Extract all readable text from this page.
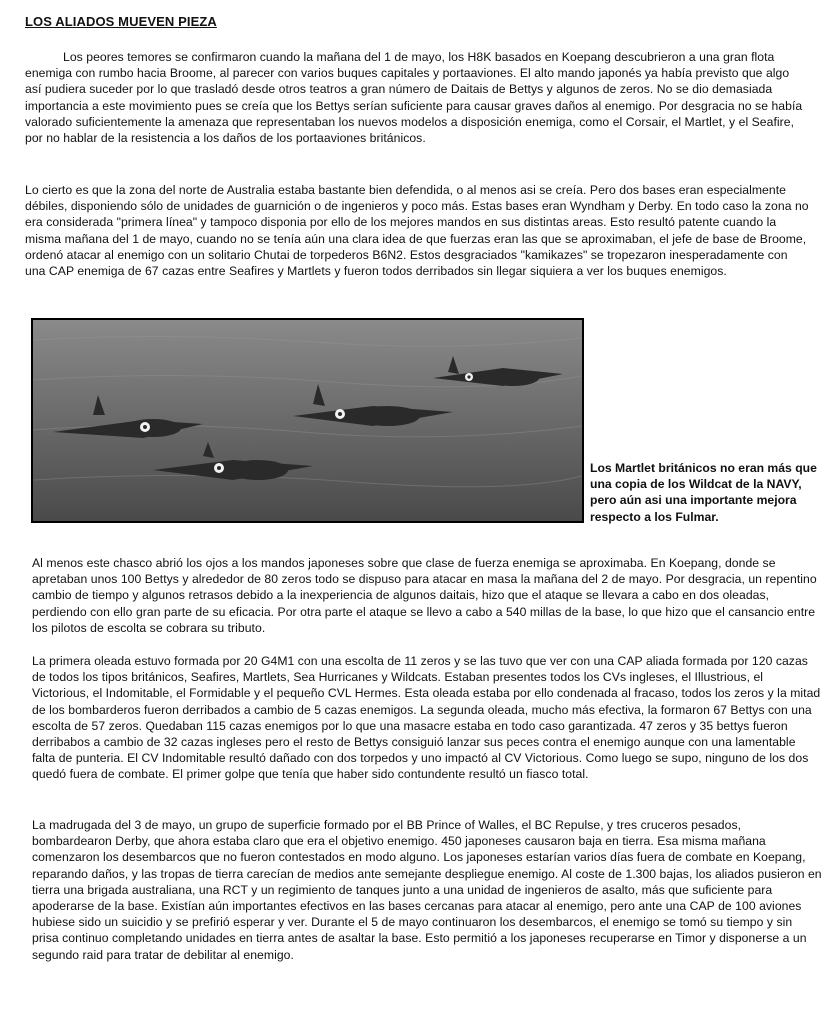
LOS ALIADOS MUEVEN PIEZA

Los peores temores se confirmaron cuando la mañana del 1 de mayo, los H8K basados en Koepang descubrieron a una gran flota enemiga con rumbo hacia Broome, al parecer con varios buques capitales y portaaviones. El alto mando japonés ya había previsto que algo así pudiera suceder por lo que trasladó desde otros teatros a gran número de Daitais de Bettys y algunos de zeros. No se dio demasiada importancia a este movimiento pues se creía que los Bettys serían suficiente para causar graves daños al enemigo. Por desgracia no se había valorado suficientemente la amenaza que representaban los nuevos modelos a disposición enemiga, como el Corsair, el Martlet, y el Seafire, por no hablar de la resistencia a los daños de los portaaviones británicos.

Lo cierto es que la zona del norte de Australia estaba bastante bien defendida, o al menos asi se creía. Pero dos bases eran especialmente débiles, disponiendo sólo de unidades de guarnición o de ingenieros y poco más. Estas bases eran Wyndham y Derby. En todo caso la zona no era considerada "primera línea" y tampoco disponia por ello de los mejores mandos en sus distintas areas. Esto resultó patente cuando la misma mañana del 1 de mayo, cuando no se tenía aún una clara idea de que fuerzas eran las que se aproximaban, el jefe de base de Broome, ordenó atacar al enemigo con un solitario Chutai de torpederos B6N2. Estos desgraciados "kamikazes" se tropezaron inesperadamente con una CAP enemiga de 67 cazas entre Seafires y Martlets y fueron todos derribados sin llegar siquiera a ver los buques enemigos.

Los Martlet británicos no eran más que una copia de los Wildcat de la NAVY, pero aún asi una importante mejora respecto a los Fulmar.

Al menos este chasco abrió los ojos a los mandos japoneses sobre que clase de fuerza enemiga se aproximaba. En Koepang, donde se apretaban unos 100 Bettys y alrededor de 80 zeros todo se dispuso para atacar en masa la mañana del 2 de mayo. Por desgracia, un repentino cambio de tiempo y algunos retrasos debido a la inexperiencia de algunos daitais, hizo que el ataque se llevara a cabo en dos oleadas, perdiendo con ello gran parte de su eficacia. Por otra parte el ataque se llevo a cabo a 540 millas de la base, lo que hizo que el cansancio entre los pilotos de escolta se cobrara su tributo.

La primera oleada estuvo formada por 20 G4M1 con una escolta de 11 zeros y se las tuvo que ver con una CAP aliada formada por 120 cazas de todos los tipos británicos, Seafires, Martlets, Sea Hurricanes y Wildcats. Estaban presentes todos los CVs ingleses, el Illustrious, el Victorious, el Indomitable, el Formidable y el pequeño CVL Hermes. Esta oleada estaba por ello condenada al fracaso, todos los zeros y la mitad de los bombarderos fueron derribados a cambio de 5 cazas enemigos. La segunda oleada, mucho más efectiva, la formaron 67 Bettys con una escolta de 57 zeros. Quedaban 115 cazas enemigos por lo que una masacre estaba en todo caso garantizada. 47 zeros y 35 bettys fueron derribabos a cambio de 32 cazas ingleses pero el resto de Bettys consiguió lanzar sus peces contra el enemigo aunque con una lamentable falta de punteria. El CV Indomitable resultó dañado con dos torpedos y uno impactó al CV Victorious. Como luego se supo, ninguno de los dos quedó fuera de combate. El primer golpe que tenía que haber sido contundente resultó un fiasco total.

La madrugada del 3 de mayo, un grupo de superficie formado por el BB Prince of Walles, el BC Repulse, y tres cruceros pesados, bombardearon Derby, que ahora estaba claro que era el objetivo enemigo. 450 japoneses causaron baja en tierra. Esa misma mañana comenzaron los desembarcos que no fueron contestados en modo alguno. Los japoneses estarían varios días fuera de combate en Koepang, reparando daños, y las tropas de tierra carecían de medios ante semejante despliegue enemigo. Al coste de 1.300 bajas, los aliados pusieron en tierra una brigada australiana, una RCT y un regimiento de tanques junto a una unidad de ingenieros de asalto, más que suficiente para apoderarse de la base. Existían aún importantes efectivos en las bases cercanas para atacar al enemigo, pero ante una CAP de 100 aviones hubiese sido un suicidio y se prefirió esperar y ver. Durante el 5 de mayo continuaron los desembarcos, el enemigo se tomó su tiempo y sin prisa continuo completando unidades en tierra antes de asaltar la base. Esto permitió a los japoneses recuperarse en Timor y disponerse a un segundo raid para tratar de debilitar al enemigo.
